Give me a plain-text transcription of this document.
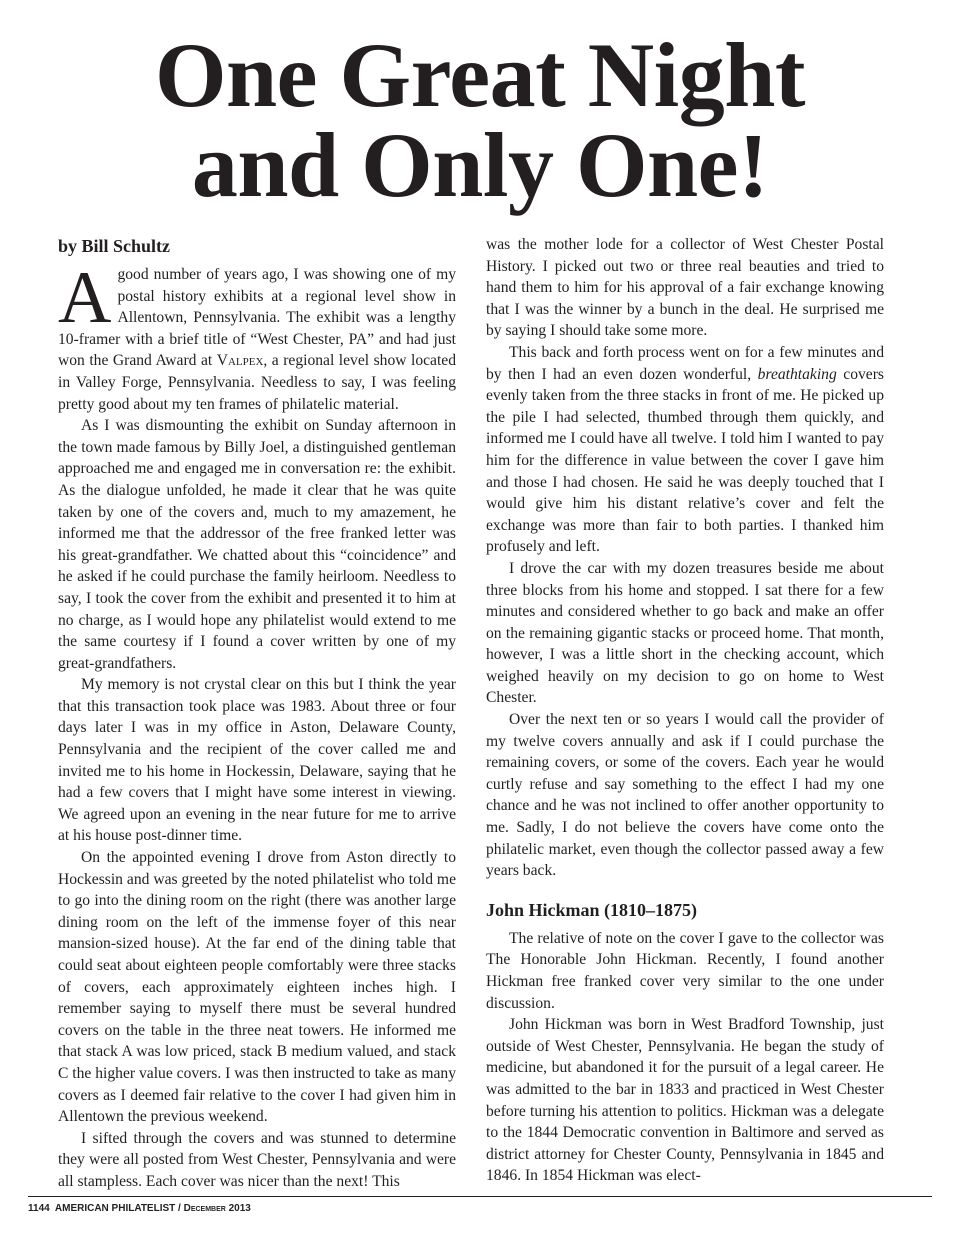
One Great Night
and Only One!
by Bill Schultz

Agood number of years ago, I was showing one of my postal history exhibits at a regional level show in Allentown, Pennsylvania. The exhibit was a lengthy 10-framer with a brief title of “West Chester, PA” and had just won the Grand Award at Valpex, a regional level show located in Valley Forge, Pennsylvania. Needless to say, I was feeling pretty good about my ten frames of philatelic material.

As I was dismounting the exhibit on Sunday afternoon in the town made famous by Billy Joel, a distinguished gentleman approached me and engaged me in conversation re: the exhibit. As the dialogue unfolded, he made it clear that he was quite taken by one of the covers and, much to my amazement, he informed me that the addressor of the free franked letter was his great-grandfather. We chatted about this “coincidence” and he asked if he could purchase the family heirloom. Needless to say, I took the cover from the exhibit and presented it to him at no charge, as I would hope any philatelist would extend to me the same courtesy if I found a cover written by one of my great-grandfathers.

My memory is not crystal clear on this but I think the year that this transaction took place was 1983. About three or four days later I was in my office in Aston, Delaware County, Pennsylvania and the recipient of the cover called me and invited me to his home in Hockessin, Delaware, saying that he had a few covers that I might have some interest in viewing. We agreed upon an evening in the near future for me to arrive at his house post-dinner time.

On the appointed evening I drove from Aston directly to Hockessin and was greeted by the noted philatelist who told me to go into the dining room on the right (there was another large dining room on the left of the immense foyer of this near mansion-sized house). At the far end of the dining table that could seat about eighteen people comfortably were three stacks of covers, each approximately eighteen inches high. I remember saying to myself there must be several hundred covers on the table in the three neat towers. He informed me that stack A was low priced, stack B medium valued, and stack C the higher value covers. I was then instructed to take as many covers as I deemed fair relative to the cover I had given him in Allentown the previous weekend.

I sifted through the covers and was stunned to determine they were all posted from West Chester, Pennsylvania and were all stampless. Each cover was nicer than the next! This

was the mother lode for a collector of West Chester Postal History. I picked out two or three real beauties and tried to hand them to him for his approval of a fair exchange knowing that I was the winner by a bunch in the deal. He surprised me by saying I should take some more.

This back and forth process went on for a few minutes and by then I had an even dozen wonderful, breathtaking covers evenly taken from the three stacks in front of me. He picked up the pile I had selected, thumbed through them quickly, and informed me I could have all twelve. I told him I wanted to pay him for the difference in value between the cover I gave him and those I had chosen. He said he was deeply touched that I would give him his distant relative’s cover and felt the exchange was more than fair to both parties. I thanked him profusely and left.

I drove the car with my dozen treasures beside me about three blocks from his home and stopped. I sat there for a few minutes and considered whether to go back and make an offer on the remaining gigantic stacks or proceed home. That month, however, I was a little short in the checking account, which weighed heavily on my decision to go on home to West Chester.

Over the next ten or so years I would call the provider of my twelve covers annually and ask if I could purchase the remaining covers, or some of the covers. Each year he would curtly refuse and say something to the effect I had my one chance and he was not inclined to offer another opportunity to me. Sadly, I do not believe the covers have come onto the philatelic market, even though the collector passed away a few years back.

John Hickman (1810–1875)

The relative of note on the cover I gave to the collector was The Honorable John Hickman. Recently, I found another Hickman free franked cover very similar to the one under discussion.

John Hickman was born in West Bradford Township, just outside of West Chester, Pennsylvania. He began the study of medicine, but abandoned it for the pursuit of a legal career. He was admitted to the bar in 1833 and practiced in West Chester before turning his attention to politics. Hickman was a delegate to the 1844 Democratic convention in Baltimore and served as district attorney for Chester County, Pennsylvania in 1845 and 1846. In 1854 Hickman was elect-

1144 AMERICAN PHILATELIST / December 2013
